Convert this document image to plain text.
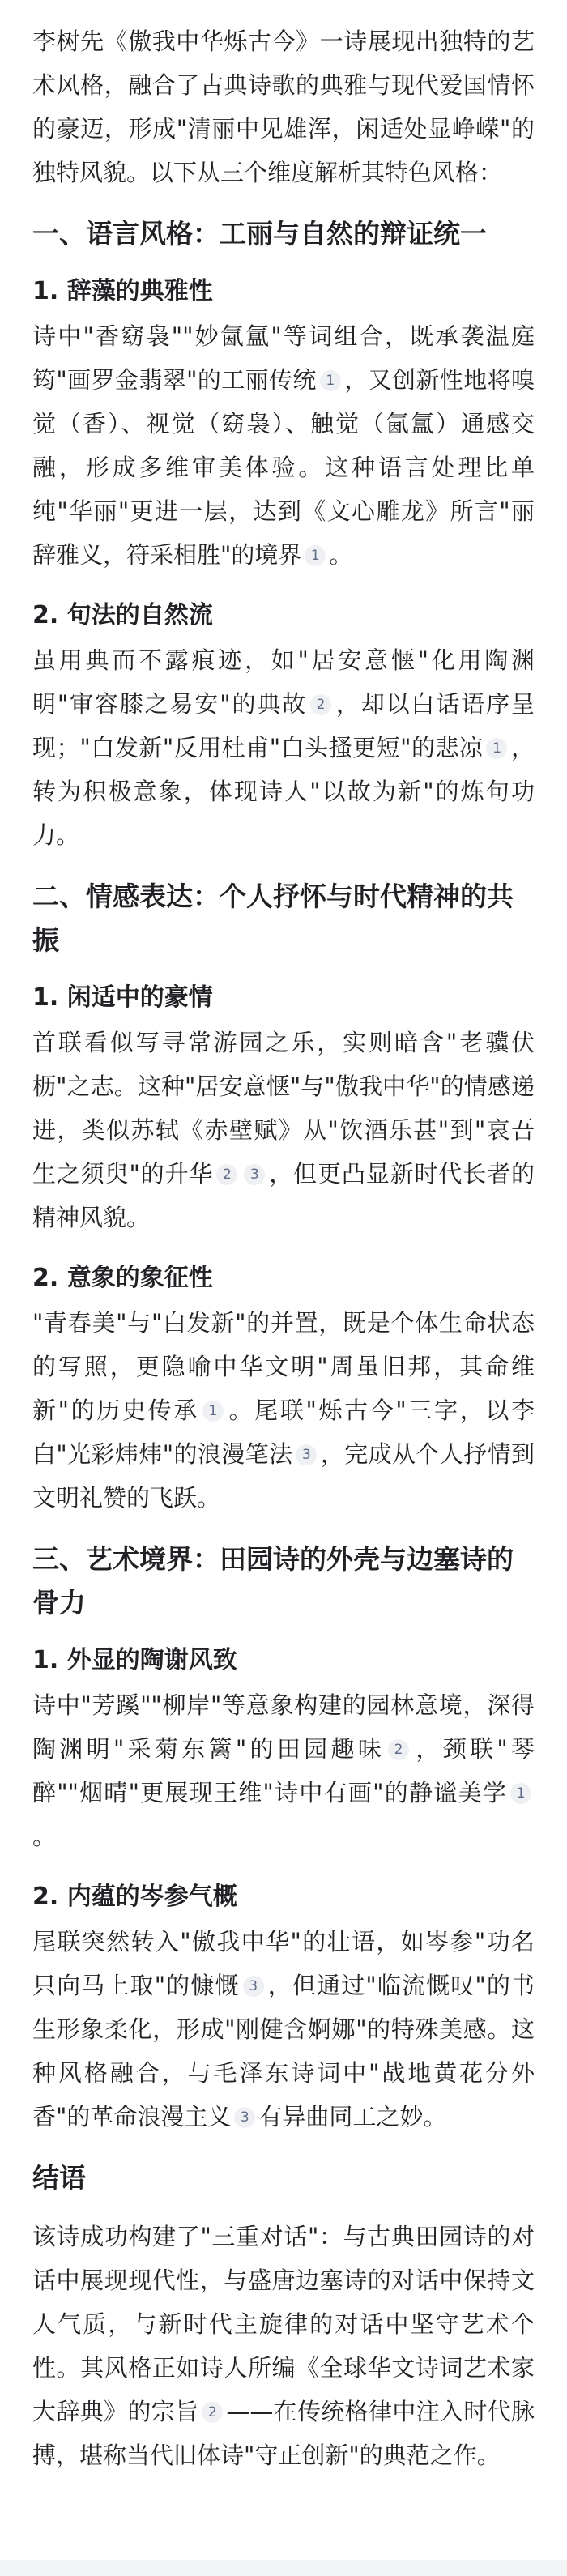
李树先《傲我中华烁古今》一诗展现出独特的艺术风格，融合了古典诗歌的典雅与现代爱国情怀的豪迈，形成"清丽中见雄浑，闲适处显峥嵘"的独特风貌。以下从三个维度解析其特色风格：

一、语言风格：工丽与自然的辩证统一
1. 辞藻的典雅性

诗中"香窈袅""妙氤氲"等词组合，既承袭温庭筠"画罗金翡翠"的工丽传统 1 ，又创新性地将嗅觉（香）、视觉（窈袅）、触觉（氤氲）通感交融，形成多维审美体验。这种语言处理比单纯"华丽"更进一层，达到《文心雕龙》所言"丽辞雅义，符采相胜"的境界 1 。

2. 句法的自然流

虽用典而不露痕迹，如"居安意惬"化用陶渊明"审容膝之易安"的典故 2 ，却以白话语序呈现；"白发新"反用杜甫"白头搔更短"的悲凉 1 ，转为积极意象，体现诗人"以故为新"的炼句功力。

二、情感表达：个人抒怀与时代精神的共振
1. 闲适中的豪情

首联看似写寻常游园之乐，实则暗含"老骥伏枥"之志。这种"居安意惬"与"傲我中华"的情感递进，类似苏轼《赤壁赋》从"饮酒乐甚"到"哀吾生之须臾"的升华 2 3 ，但更凸显新时代长者的精神风貌。

2. 意象的象征性

"青春美"与"白发新"的并置，既是个体生命状态的写照，更隐喻中华文明"周虽旧邦，其命维新"的历史传承 1 。尾联"烁古今"三字，以李白"光彩炜炜"的浪漫笔法 3 ，完成从个人抒情到文明礼赞的飞跃。

三、艺术境界：田园诗的外壳与边塞诗的骨力
1. 外显的陶谢风致

诗中"芳蹊""柳岸"等意象构建的园林意境，深得陶渊明"采菊东篱"的田园趣味 2 ，颈联"琴醉""烟晴"更展现王维"诗中有画"的静谧美学 1。

2. 内蕴的岑参气概

尾联突然转入"傲我中华"的壮语，如岑参"功名只向马上取"的慷慨 3 ，但通过"临流慨叹"的书生形象柔化，形成"刚健含婀娜"的特殊美感。这种风格融合，与毛泽东诗词中"战地黄花分外香"的革命浪漫主义 3 有异曲同工之妙。

结语

该诗成功构建了"三重对话"：与古典田园诗的对话中展现现代性，与盛唐边塞诗的对话中保持文人气质，与新时代主旋律的对话中坚守艺术个性。其风格正如诗人所编《全球华文诗词艺术家大辞典》的宗旨 2 ——在传统格律中注入时代脉搏，堪称当代旧体诗"守正创新"的典范之作。
